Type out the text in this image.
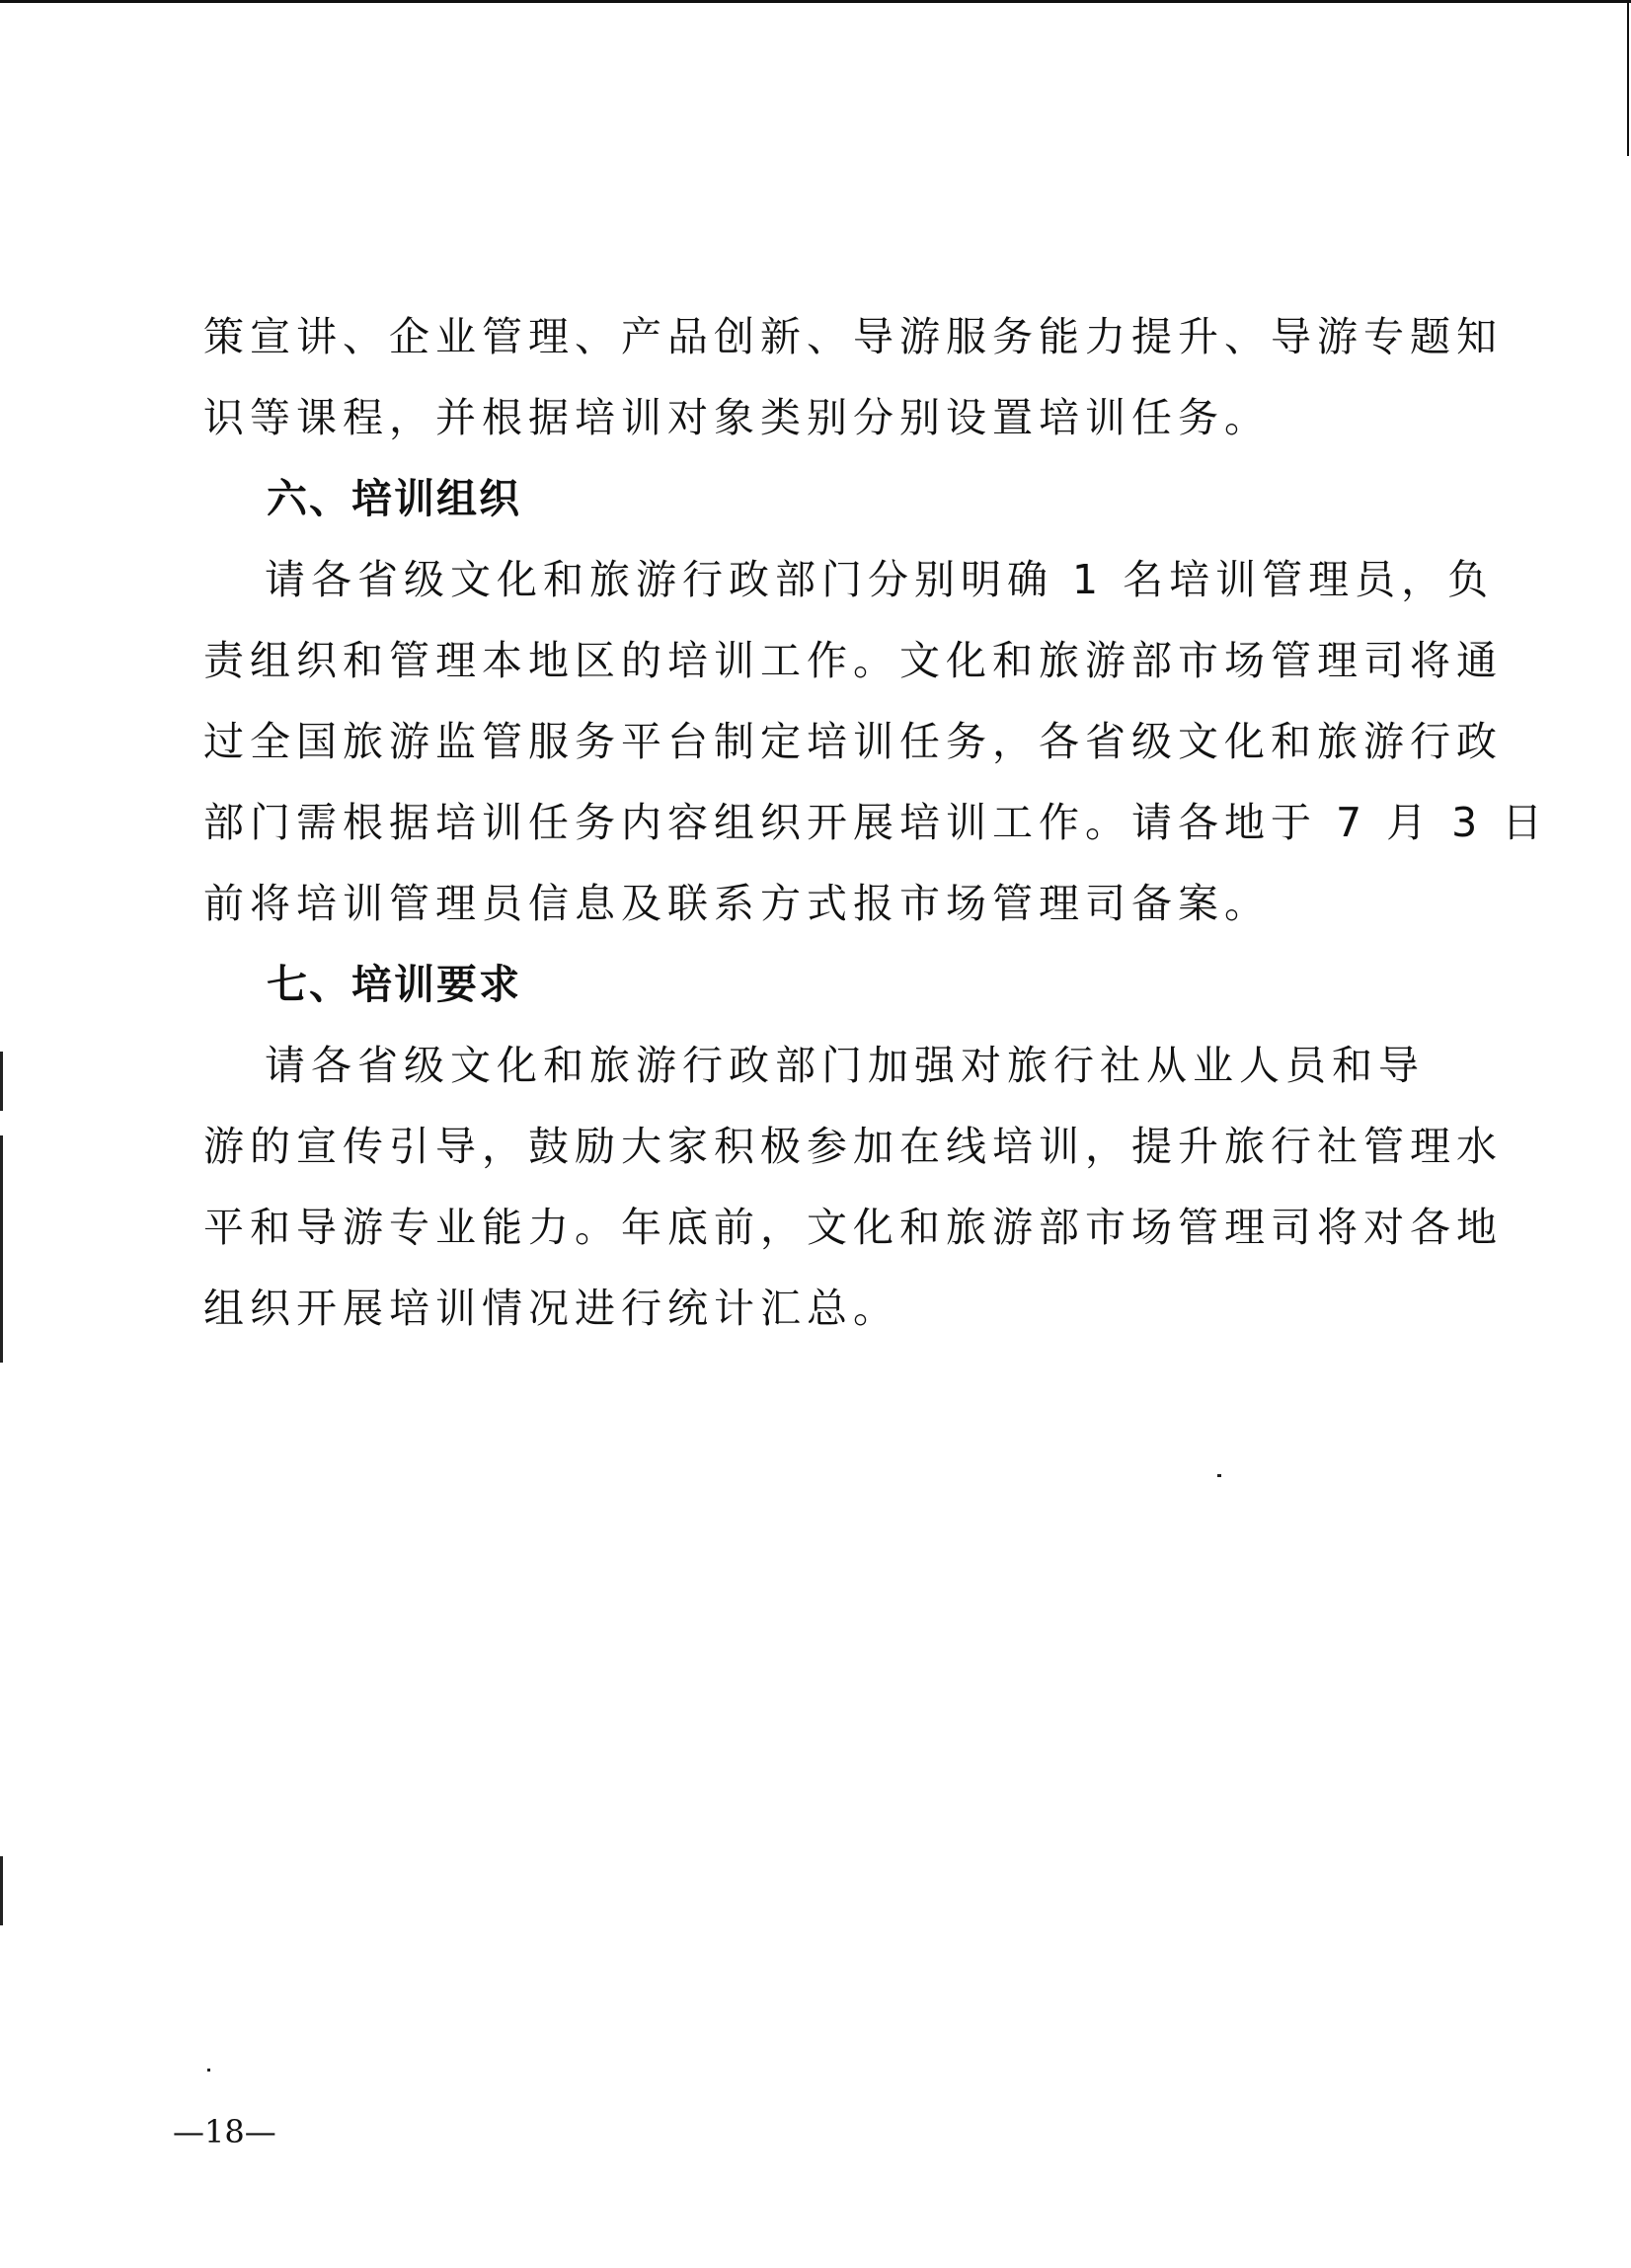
策宣讲、企业管理、产品创新、导游服务能力提升、导游专题知
识等课程，并根据培训对象类别分别设置培训任务。
六、培训组织
请各省级文化和旅游行政部门分别明确 1 名培训管理员，负
责组织和管理本地区的培训工作。文化和旅游部市场管理司将通
过全国旅游监管服务平台制定培训任务，各省级文化和旅游行政
部门需根据培训任务内容组织开展培训工作。请各地于 7 月 3 日
前将培训管理员信息及联系方式报市场管理司备案。
七、培训要求
请各省级文化和旅游行政部门加强对旅行社从业人员和导
游的宣传引导，鼓励大家积极参加在线培训，提升旅行社管理水
平和导游专业能力。年底前，文化和旅游部市场管理司将对各地
组织开展培训情况进行统计汇总。
—18—
